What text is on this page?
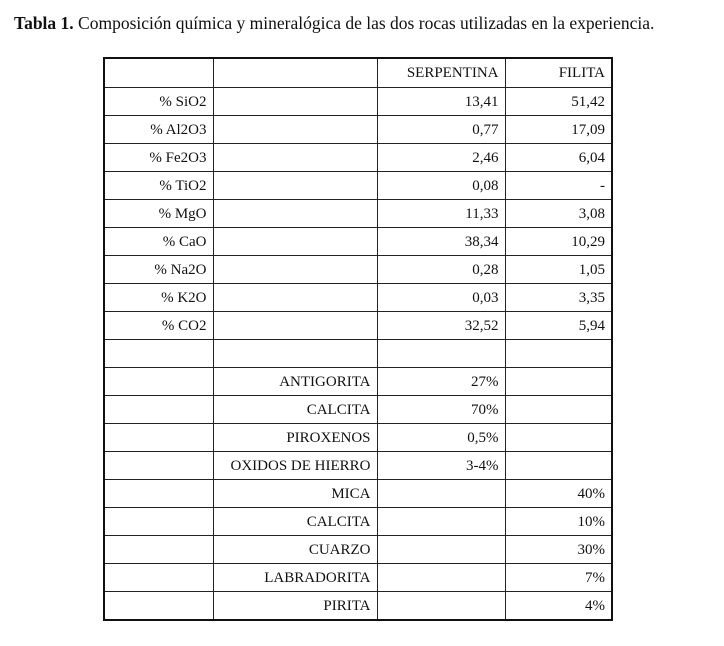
Tabla 1. Composición química y mineralógica de las dos rocas utilizadas en la experiencia.
		SERPENTINA	FILITA
% SiO2		13,41	51,42
% Al2O3		0,77	17,09
% Fe2O3		2,46	6,04
% TiO2		0,08	-
% MgO		11,33	3,08
% CaO		38,34	10,29
% Na2O		0,28	1,05
% K2O		0,03	3,35
% CO2		32,52	5,94

	ANTIGORITA	27%	
	CALCITA	70%	
	PIROXENOS	0,5%	
	OXIDOS DE HIERRO	3-4%	
	MICA		40%
	CALCITA		10%
	CUARZO		30%
	LABRADORITA		7%
	PIRITA		4%
